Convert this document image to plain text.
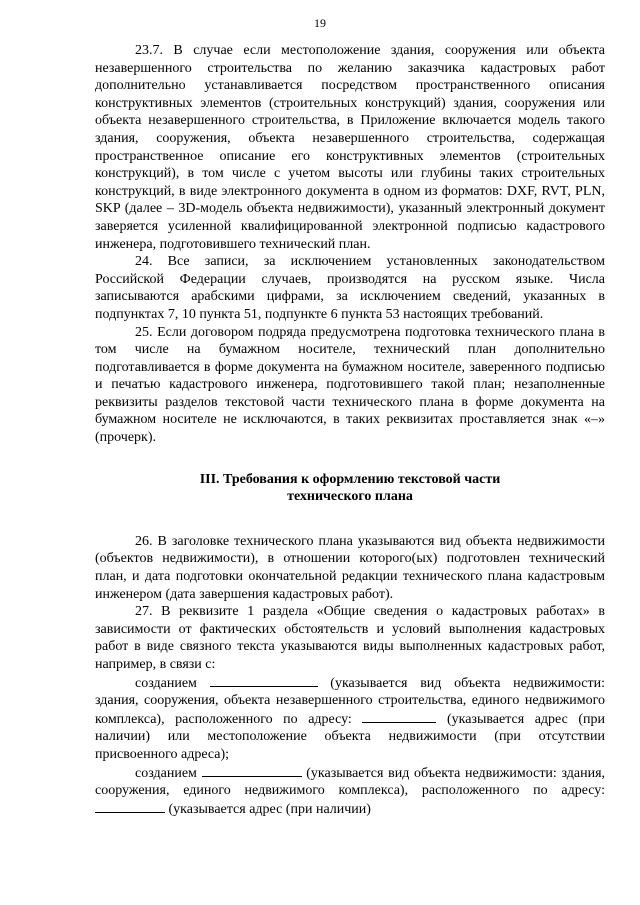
19

23.7. В случае если местоположение здания, сооружения или объекта незавершенного строительства по желанию заказчика кадастровых работ дополнительно устанавливается посредством пространственного описания конструктивных элементов (строительных конструкций) здания, сооружения или объекта незавершенного строительства, в Приложение включается модель такого здания, сооружения, объекта незавершенного строительства, содержащая пространственное описание его конструктивных элементов (строительных конструкций), в том числе с учетом высоты или глубины таких строительных конструкций, в виде электронного документа в одном из форматов: DXF, RVT, PLN, SKP (далее – 3D-модель объекта недвижимости), указанный электронный документ заверяется усиленной квалифицированной электронной подписью кадастрового инженера, подготовившего технический план.

24. Все записи, за исключением установленных законодательством Российской Федерации случаев, производятся на русском языке. Числа записываются арабскими цифрами, за исключением сведений, указанных в подпунктах 7, 10 пункта 51, подпункте 6 пункта 53 настоящих требований.

25. Если договором подряда предусмотрена подготовка технического плана в том числе на бумажном носителе, технический план дополнительно подготавливается в форме документа на бумажном носителе, заверенного подписью и печатью кадастрового инженера, подготовившего такой план; незаполненные реквизиты разделов текстовой части технического плана в форме документа на бумажном носителе не исключаются, в таких реквизитах проставляется знак «–» (прочерк).

III. Требования к оформлению текстовой части
технического плана

26. В заголовке технического плана указываются вид объекта недвижимости (объектов недвижимости), в отношении которого(ых) подготовлен технический план, и дата подготовки окончательной редакции технического плана кадастровым инженером (дата завершения кадастровых работ).

27. В реквизите 1 раздела «Общие сведения о кадастровых работах» в зависимости от фактических обстоятельств и условий выполнения кадастровых работ в виде связного текста указываются виды выполненных кадастровых работ, например, в связи с:

созданием	(указывается вид объекта недвижимости: здания, сооружения, объекта незавершенного строительства, единого недвижимого комплекса), расположенного по адресу:	(указывается адрес (при наличии) или местоположение объекта недвижимости (при отсутствии присвоенного адреса);

созданием	(указывается вид объекта недвижимости: здания, сооружения, единого недвижимого комплекса), расположенного по адресу:  (указывается адрес (при наличии)
